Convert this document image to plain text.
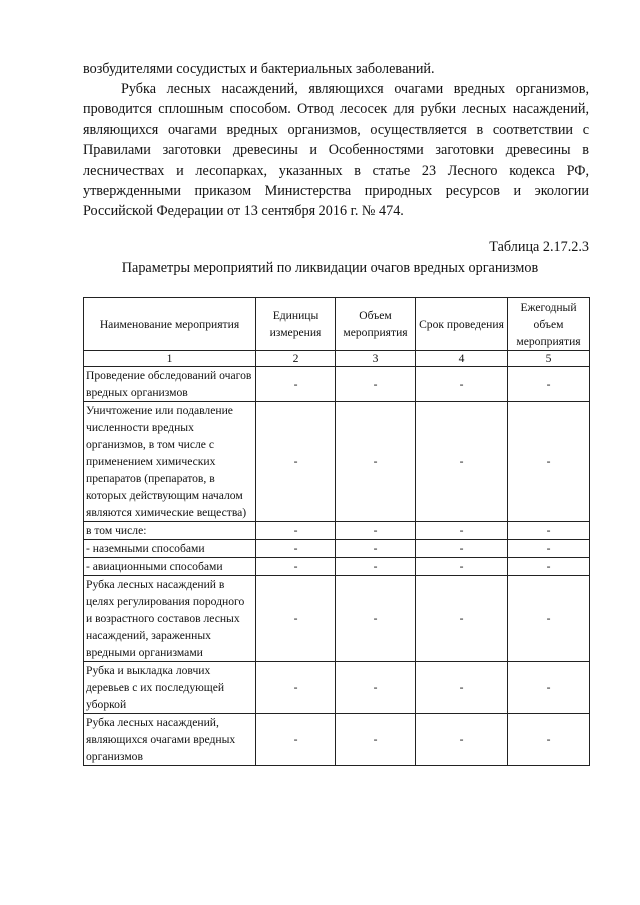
возбудителями сосудистых и бактериальных заболеваний.

Рубка лесных насаждений, являющихся очагами вредных организмов, проводится сплошным способом. Отвод лесосек для рубки лесных насаждений, являющихся очагами вредных организмов, осуществляется в соответствии с Правилами заготовки древесины и Особенностями заготовки древесины в лесничествах и лесопарках, указанных в статье 23 Лесного кодекса РФ, утвержденными приказом Министерства природных ресурсов и экологии Российской Федерации от 13 сентября 2016 г. № 474.

Таблица 2.17.2.3
Параметры мероприятий по ликвидации очагов вредных организмов
Наименование мероприятия	Единицы измерения	Объем мероприятия	Срок проведения	Ежегодный объем мероприятия
1	2	3	4	5
Проведение обследований очагов вредных организмов	-	-	-	-
Уничтожение или подавление численности вредных организмов, в том числе с применением химических препаратов (препаратов, в которых действующим началом являются химические вещества)	-	-	-	-
в том числе:	-	-	-	-
- наземными способами	-	-	-	-
- авиационными способами	-	-	-	-
Рубка лесных насаждений в целях регулирования породного и возрастного составов лесных насаждений, зараженных вредными организмами	-	-	-	-
Рубка и выкладка ловчих деревьев с их последующей уборкой	-	-	-	-
Рубка лесных насаждений, являющихся очагами вредных организмов	-	-	-	-
